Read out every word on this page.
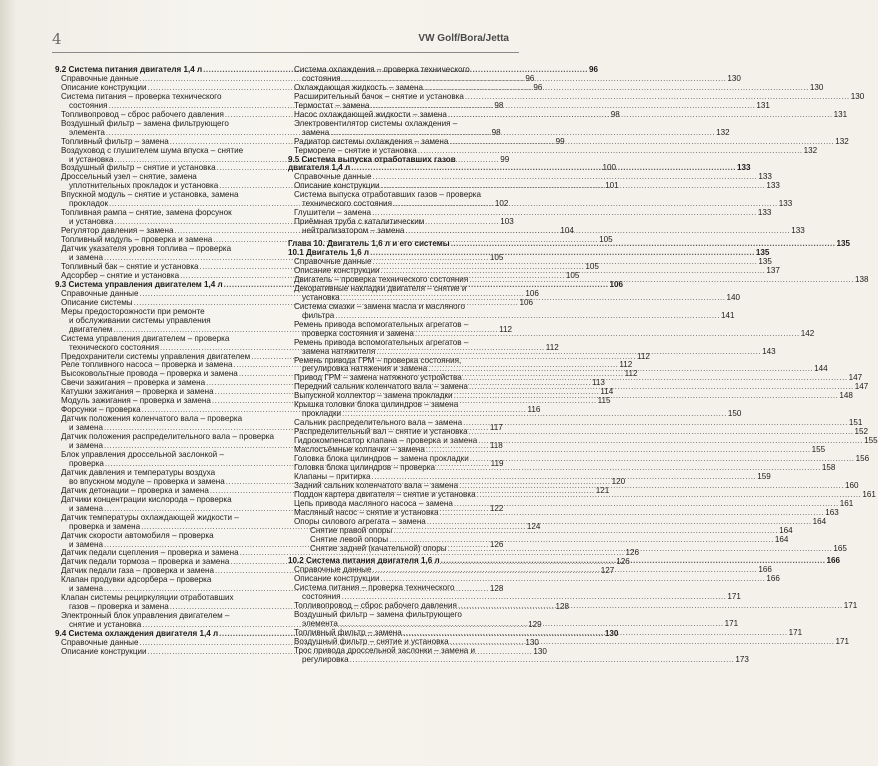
4	VW Golf/Bora/Jetta
9.2 Система питания двигателя 1,4 л .....	96
Справочные данные .....	96
Описание конструкции .....	96
Система питания – проверка технического
состояния .....	98
Топливопровод – сброс рабочего давления .....	98
Воздушный фильтр – замена фильтрующего
элемента .....	98
Топливный фильтр – замена .....	99
Воздуховод с глушителем шума впуска – снятие
и установка .....	99
Воздушный фильтр – снятие и установка .....	100
Дроссельный узел – снятие, замена
уплотнительных прокладок и установка .....	101
Впускной модуль – снятие и установка, замена
прокладок .....	102
Топливная рампа – снятие, замена форсунок
и установка .....	103
Регулятор давления – замена .....	104
Топливный модуль – проверка и замена .....	105
Датчик указателя уровня топлива – проверка
и замена .....	105
Топливный бак – снятие и установка .....	105
Адсорбер – снятие и установка .....	105
9.3 Система управления двигателем 1,4 л .....	106
Справочные данные .....	106
Описание системы .....	106
Меры предосторожности при ремонте
и обслуживании системы управления
двигателем .....	112
Система управления двигателем – проверка
технического состояния .....	112
Предохранители системы управления двигателем .....	112
Реле топливного насоса – проверка и замена .....	112
Высоковольтные провода – проверка и замена .....	112
Свечи зажигания – проверка и замена .....	113
Катушки зажигания – проверка и замена .....	114
Модуль зажигания – проверка и замена .....	115
Форсунки – проверка .....	116
Датчик положения коленчатого вала – проверка
и замена .....	117
Датчик положения распределительного вала – проверка
и замена .....	118
Блок управления дроссельной заслонкой –
проверка .....	119
Датчик давления и температуры воздуха
во впускном модуле – проверка и замена .....	120
Датчик детонации – проверка и замена .....	121
Датчики концентрации кислорода – проверка
и замена .....	122
Датчик температуры охлаждающей жидкости –
проверка и замена .....	124
Датчик скорости автомобиля – проверка
и замена .....	126
Датчик педали сцепления – проверка и замена .....	126
Датчик педали тормоза – проверка и замена .....	126
Датчик педали газа – проверка и замена .....	127
Клапан продувки адсорбера – проверка
и замена .....	128
Клапан системы рециркуляции отработавших
газов – проверка и замена .....	128
Электронный блок управления двигателем –
снятие и установка .....	129
9.4 Система охлаждения двигателя 1,4 л .....	130
Справочные данные .....	130
Описание конструкции .....	130
Система охлаждения – проверка технического
состояния .....	130
Охлаждающая жидкость – замена .....	130
Расширительный бачок – снятие и установка .....	130
Термостат – замена .....	131
Насос охлаждающей жидкости – замена .....	131
Электровентилятор системы охлаждения –
замена .....	132
Радиатор системы охлаждения – замена .....	132
Термореле – снятие и установка .....	132
9.5 Система выпуска отработавших газов
двигателя 1,4 л .....	133
Справочные данные .....	133
Описание конструкции .....	133
Система выпуска отработавших газов – проверка
технического состояния .....	133
Глушители – замена .....	133
Приёмная труба с каталитическим
нейтрализатором – замена .....	133
Глава 10. Двигатель 1,6 л и его системы .....	135
10.1 Двигатель 1,6 л .....	135
Справочные данные .....	135
Описание конструкции .....	137
Двигатель – проверка технического состояния .....	138
Декоративные накладки двигателя – снятие и
установка .....	140
Система смазки – замена масла и масляного
фильтра .....	141
Ремень привода вспомогательных агрегатов –
проверка состояния и замена .....	142
Ремень привода вспомогательных агрегатов –
замена натяжителя .....	143
Ремень привода ГРМ – проверка состояния,
регулировка натяжения и замена .....	144
Привод ГРМ – замена натяжного устройства .....	147
Передний сальник коленчатого вала – замена .....	147
Выпускной коллектор – замена прокладки .....	148
Крышка головки блока цилиндров – замена
прокладки .....	150
Сальник распределительного вала – замена .....	151
Распределительный вал – снятие и установка .....	152
Гидрокомпенсатор клапана – проверка и замена .....	155
Маслосъёмные колпачки – замена .....	155
Головка блока цилиндров – замена прокладки .....	156
Головка блока цилиндров – проверка .....	158
Клапаны – притирка .....	159
Задний сальник коленчатого вала – замена .....	160
Поддон картера двигателя – снятие и установка .....	161
Цепь привода масляного насоса – замена .....	161
Масляный насос – снятие и установка .....	163
Опоры силового агрегата – замена .....	164
Снятие правой опоры .....	164
Снятие левой опоры .....	164
Снятие задней (качательной) опоры .....	165
10.2 Система питания двигателя 1,6 л .....	166
Справочные данные .....	166
Описание конструкции .....	166
Система питания – проверка технического
состояния .....	171
Топливопровод – сброс рабочего давления .....	171
Воздушный фильтр – замена фильтрующего
элемента .....	171
Топливный фильтр – замена .....	171
Воздушный фильтр – снятие и установка .....	171
Трос привода дроссельной заслонки – замена и
регулировка .....	173
